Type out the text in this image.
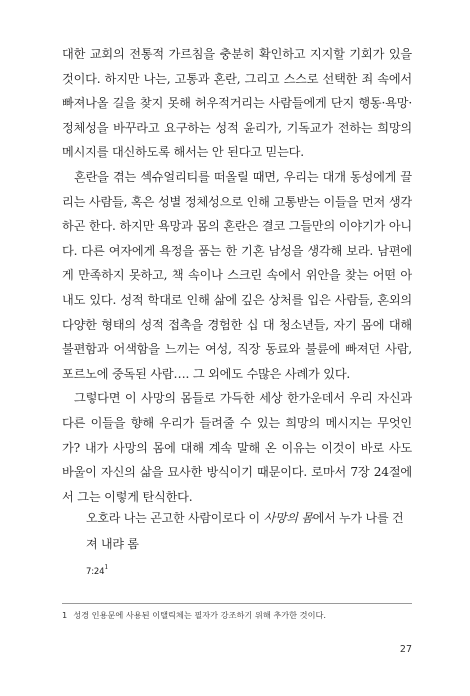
대한 교회의 전통적 가르침을 충분히 확인하고 지지할 기회가 있을 것이다. 하지만 나는, 고통과 혼란, 그리고 스스로 선택한 죄 속에서 빠져나올 길을 찾지 못해 허우적거리는 사람들에게 단지 행동·욕망·정체성을 바꾸라고 요구하는 성적 윤리가, 기독교가 전하는 희망의 메시지를 대신하도록 해서는 안 된다고 믿는다.

혼란을 겪는 섹슈얼리티를 떠올릴 때면, 우리는 대개 동성에게 끌리는 사람들, 혹은 성별 정체성으로 인해 고통받는 이들을 먼저 생각하곤 한다. 하지만 욕망과 몸의 혼란은 결코 그들만의 이야기가 아니다. 다른 여자에게 욕정을 품는 한 기혼 남성을 생각해 보라. 남편에게 만족하지 못하고, 책 속이나 스크린 속에서 위안을 찾는 어떤 아내도 있다. 성적 학대로 인해 삶에 깊은 상처를 입은 사람들, 혼외의 다양한 형태의 성적 접촉을 경험한 십 대 청소년들, 자기 몸에 대해 불편함과 어색함을 느끼는 여성, 직장 동료와 불륜에 빠져던 사람, 포르노에 중독된 사람…. 그 외에도 수많은 사례가 있다.

그렇다면 이 사망의 몸들로 가득한 세상 한가운데서 우리 자신과 다른 이들을 향해 우리가 들려줄 수 있는 희망의 메시지는 무엇인가? 내가 사망의 몸에 대해 계속 말해 온 이유는 이것이 바로 사도 바울이 자신의 삶을 묘사한 방식이기 때문이다. 로마서 7장 24절에서 그는 이렇게 탄식한다.

오호라 나는 곤고한 사람이로다 이 사망의 몸에서 누가 나를 건져 내랴 롬
$7:24^1$
1 성경 인용문에 사용된 이탤릭체는 필자가 강조하기 위해 추가한 것이다.
27
